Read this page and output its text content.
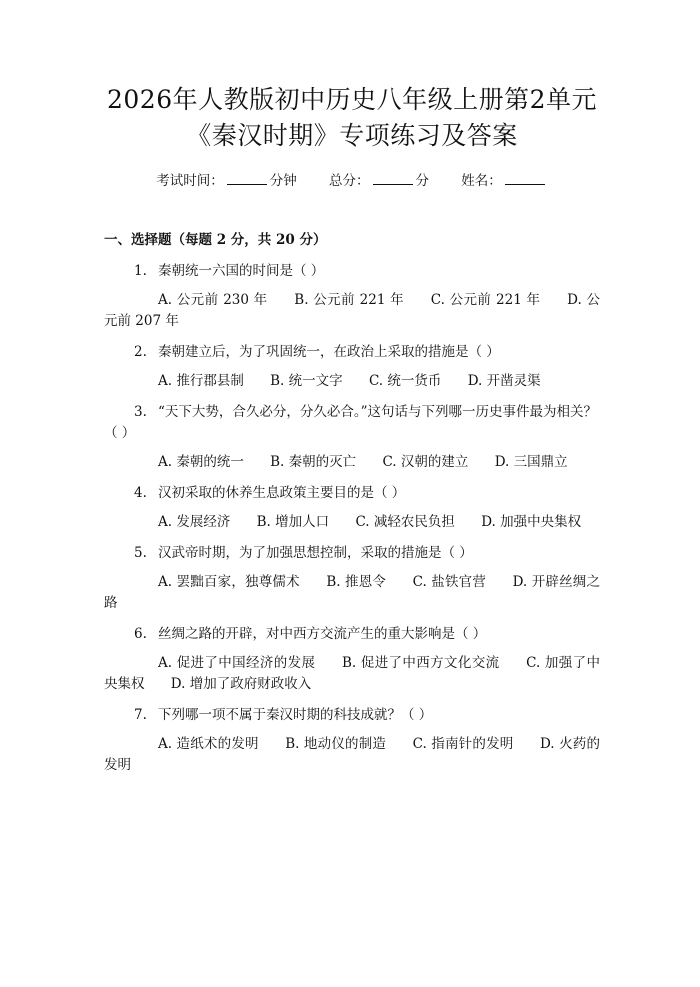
2026年人教版初中历史八年级上册第2单元
《秦汉时期》专项练习及答案
考试时间：	分钟 总分：	分 姓名：
一、选择题（每题 2 分，共 20 分）
1. 秦朝统一六国的时间是（ ）
A. 公元前 230 年 B. 公元前 221 年 C. 公元前 221 年 D. 公元前 207 年
2. 秦朝建立后，为了巩固统一，在政治上采取的措施是（ ）
A. 推行郡县制 B. 统一文字 C. 统一货币 D. 开凿灵渠
3. “天下大势，合久必分，分久必合。”这句话与下列哪一历史事件最为相关？（ ）
A. 秦朝的统一 B. 秦朝的灭亡 C. 汉朝的建立 D. 三国鼎立
4. 汉初采取的休养生息政策主要目的是（ ）
A. 发展经济 B. 增加人口 C. 减轻农民负担 D. 加强中央集权
5. 汉武帝时期，为了加强思想控制，采取的措施是（ ）
A. 罢黜百家，独尊儒术 B. 推恩令 C. 盐铁官营 D. 开辟丝绸之路
6. 丝绸之路的开辟，对中西方交流产生的重大影响是（ ）
A. 促进了中国经济的发展 B. 促进了中西方文化交流 C. 加强了中央集权 D. 增加了政府财政收入
7. 下列哪一项不属于秦汉时期的科技成就？（ ）
A. 造纸术的发明 B. 地动仪的制造 C. 指南针的发明 D. 火药的发明
